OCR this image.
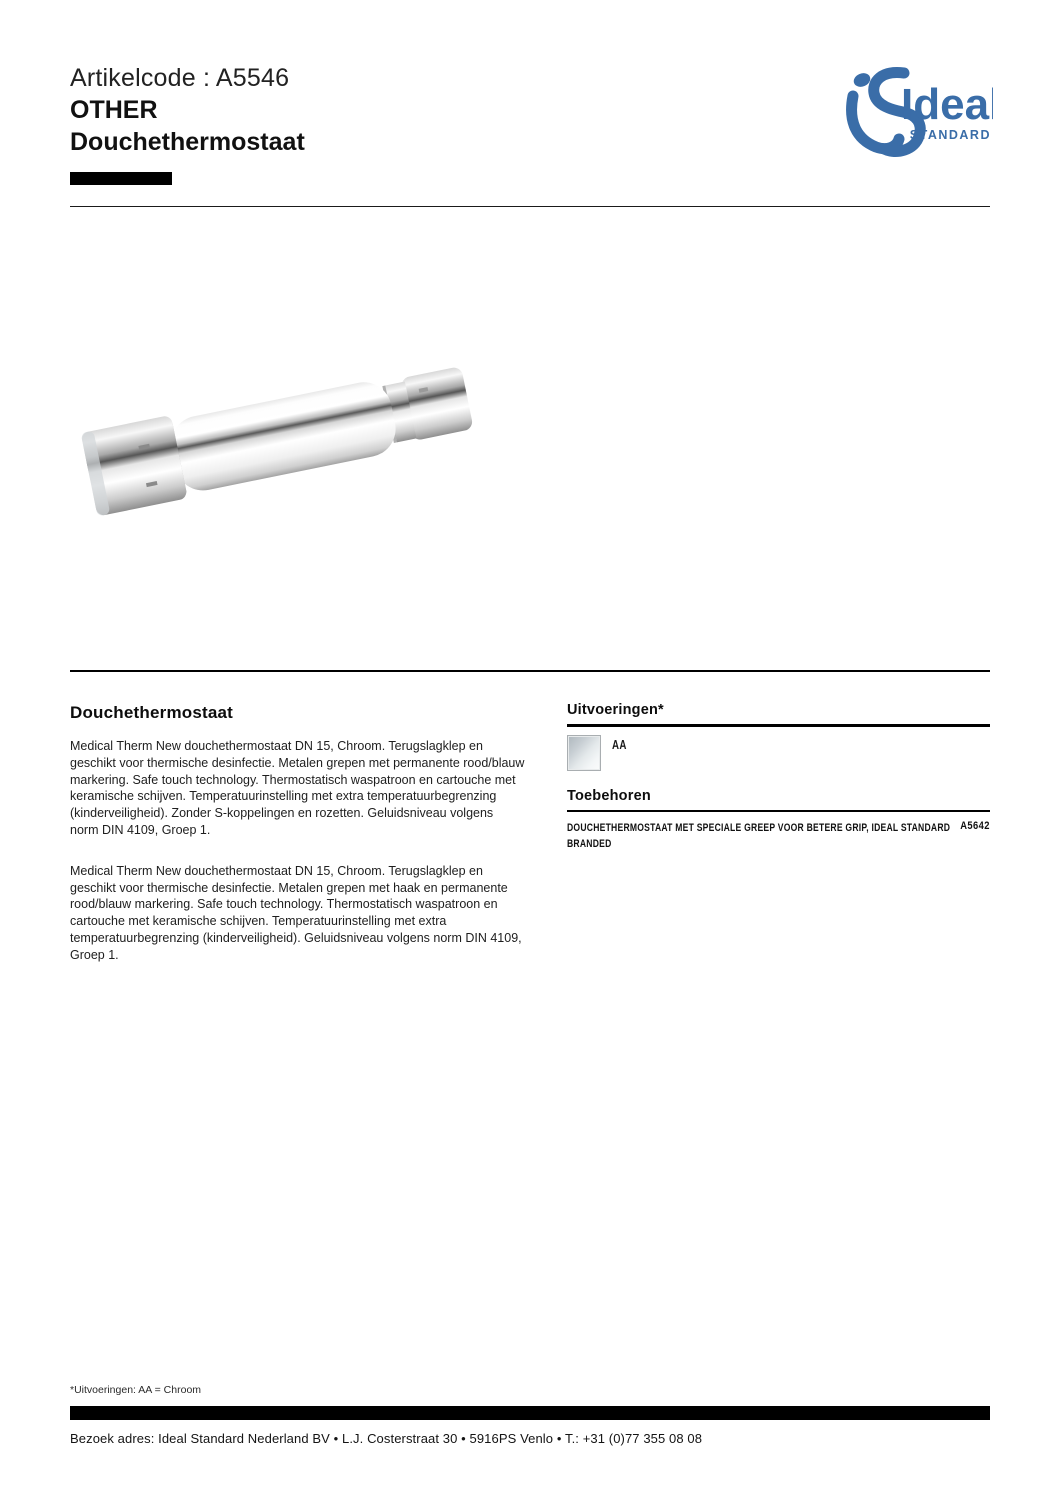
Artikelcode : A5546
OTHER
Douchethermostaat
Ideal
STANDARD
Douchethermostaat

Medical Therm New douchethermostaat DN 15, Chroom. Terugslagklep en geschikt voor thermische desinfectie. Metalen grepen met permanente rood/blauw markering. Safe touch technology. Thermostatisch waspatroon en cartouche met keramische schijven. Temperatuurinstelling met extra temperatuurbegrenzing (kinderveiligheid). Zonder S-koppelingen en rozetten. Geluidsniveau volgens norm DIN 4109, Groep 1.

Medical Therm New douchethermostaat DN 15, Chroom. Terugslagklep en geschikt voor thermische desinfectie. Metalen grepen met haak en permanente rood/blauw markering. Safe touch technology. Thermostatisch waspatroon en cartouche met keramische schijven. Temperatuurinstelling met extra temperatuurbegrenzing (kinderveiligheid). Geluidsniveau volgens norm DIN 4109, Groep 1.

Uitvoeringen*
AA
Toebehoren
DOUCHETHERMOSTAAT MET SPECIALE GREEP VOOR BETERE GRIP, IDEAL STANDARD BRANDED
A5642
*Uitvoeringen: AA = Chroom
Bezoek adres: Ideal Standard Nederland BV • L.J. Costerstraat 30 • 5916PS Venlo • T.: +31 (0)77 355 08 08
